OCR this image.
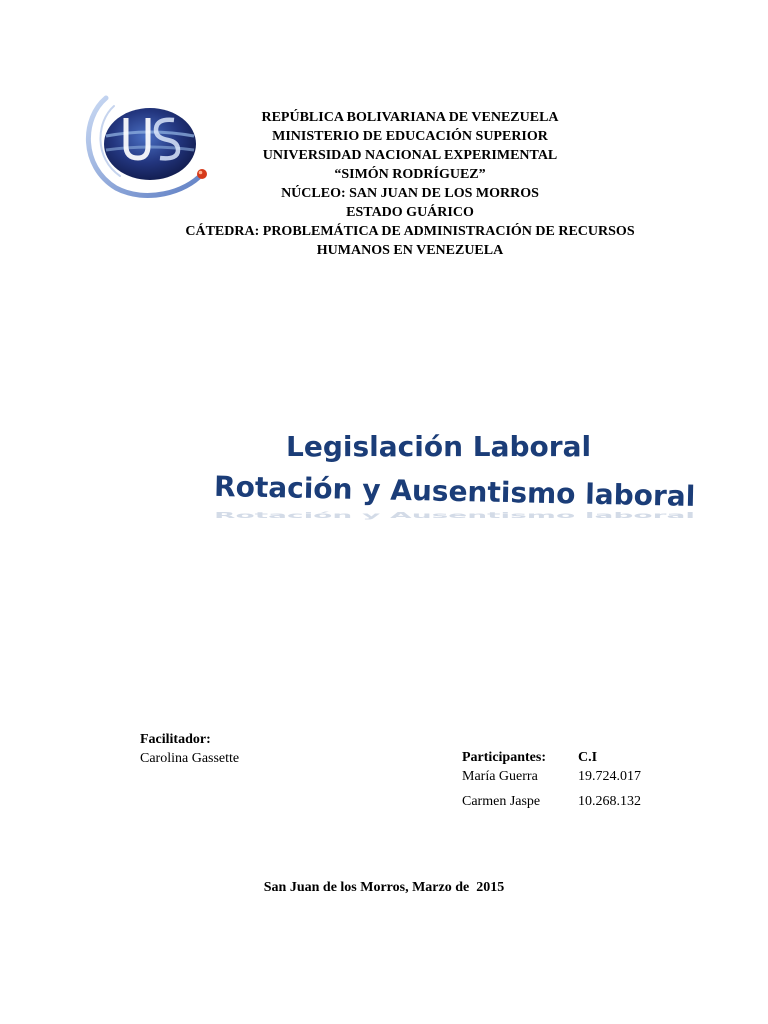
REPÚBLICA BOLIVARIANA DE VENEZUELA
MINISTERIO DE EDUCACIÓN SUPERIOR
UNIVERSIDAD NACIONAL EXPERIMENTAL
“SIMÓN RODRÍGUEZ”
NÚCLEO: SAN JUAN DE LOS MORROS
ESTADO GUÁRICO
CÁTEDRA: PROBLEMÁTICA DE ADMINISTRACIÓN DE RECURSOS
HUMANOS EN VENEZUELA
Legislación Laboral
Rotación y Ausentismo laboral
Rotación y Ausentismo laboral
Facilitador:
Carolina Gassette	Participantes:	C.I
María Guerra	19.724.017
Carmen Jaspe	10.268.132
San Juan de los Morros, Marzo de  2015
